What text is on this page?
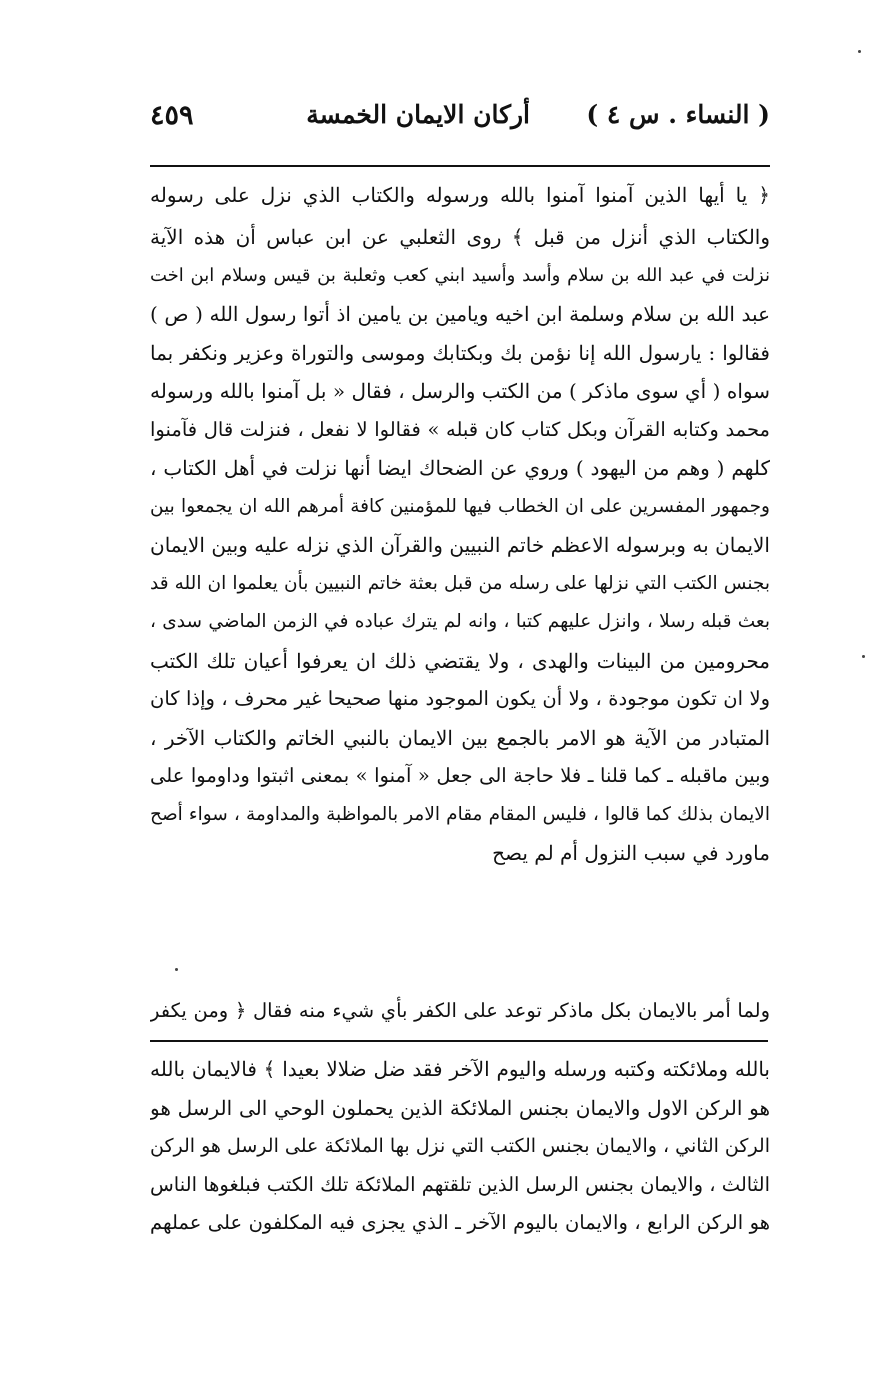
( النساء . س ٤ )
أركان الايمان الخمسة
٤٥٩

﴿ يا أيها الذين آمنوا آمنوا بالله ورسوله والكتاب الذي نزل على رسوله

والكتاب الذي أنزل من قبل ﴾ روى الثعلبي عن ابن عباس أن هذه الآية

نزلت في عبد الله بن سلام وأسد وأسيد ابني كعب وثعلبة بن قيس وسلام ابن اخت

عبد الله بن سلام وسلمة ابن اخيه ويامين بن يامين اذ أتوا رسول الله ( ص )

فقالوا : يارسول الله إنا نؤمن بك وبكتابك وموسى والتوراة وعزير ونكفر بما

سواه ( أي سوى ماذكر ) من الكتب والرسل ، فقال « بل آمنوا بالله ورسوله

محمد وكتابه القرآن وبكل كتاب كان قبله » فقالوا لا نفعل ، فنزلت قال فآمنوا

كلهم ( وهم من اليهود ) وروي عن الضحاك ايضا أنها نزلت في أهل الكتاب ،

وجمهور المفسرين على ان الخطاب فيها للمؤمنين كافة أمرهم الله ان يجمعوا بين

الايمان به وبرسوله الاعظم خاتم النبيين والقرآن الذي نزله عليه وبين الايمان

بجنس الكتب التي نزلها على رسله من قبل بعثة خاتم النبيين بأن يعلموا ان الله قد

بعث قبله رسلا ، وانزل عليهم كتبا ، وانه لم يترك عباده في الزمن الماضي سدى ،

محرومين من البينات والهدى ، ولا يقتضي ذلك ان يعرفوا أعيان تلك الكتب

ولا ان تكون موجودة ، ولا أن يكون الموجود منها صحيحا غير محرف ، وإذا كان

المتبادر من الآية هو الامر بالجمع بين الايمان بالنبي الخاتم والكتاب الآخر ،

وبين ماقبله ـ كما قلنا ـ فلا حاجة الى جعل « آمنوا » بمعنى اثبتوا وداوموا على

الايمان بذلك كما قالوا ، فليس المقام مقام الامر بالمواظبة والمداومة ، سواء أصح

ماورد في سبب النزول أم لم يصح

ولما أمر بالايمان بكل ماذكر توعد على الكفر بأي شيء منه فقال ﴿ ومن يكفر

بالله وملائكته وكتبه ورسله واليوم الآخر فقد ضل ضلالا بعيدا ﴾ فالايمان بالله

هو الركن الاول والايمان بجنس الملائكة الذين يحملون الوحي الى الرسل هو

الركن الثاني ، والايمان بجنس الكتب التي نزل بها الملائكة على الرسل هو الركن

الثالث ، والايمان بجنس الرسل الذين تلقتهم الملائكة تلك الكتب فبلغوها الناس

هو الركن الرابع ، والايمان باليوم الآخر ـ الذي يجزى فيه المكلفون على عملهم
